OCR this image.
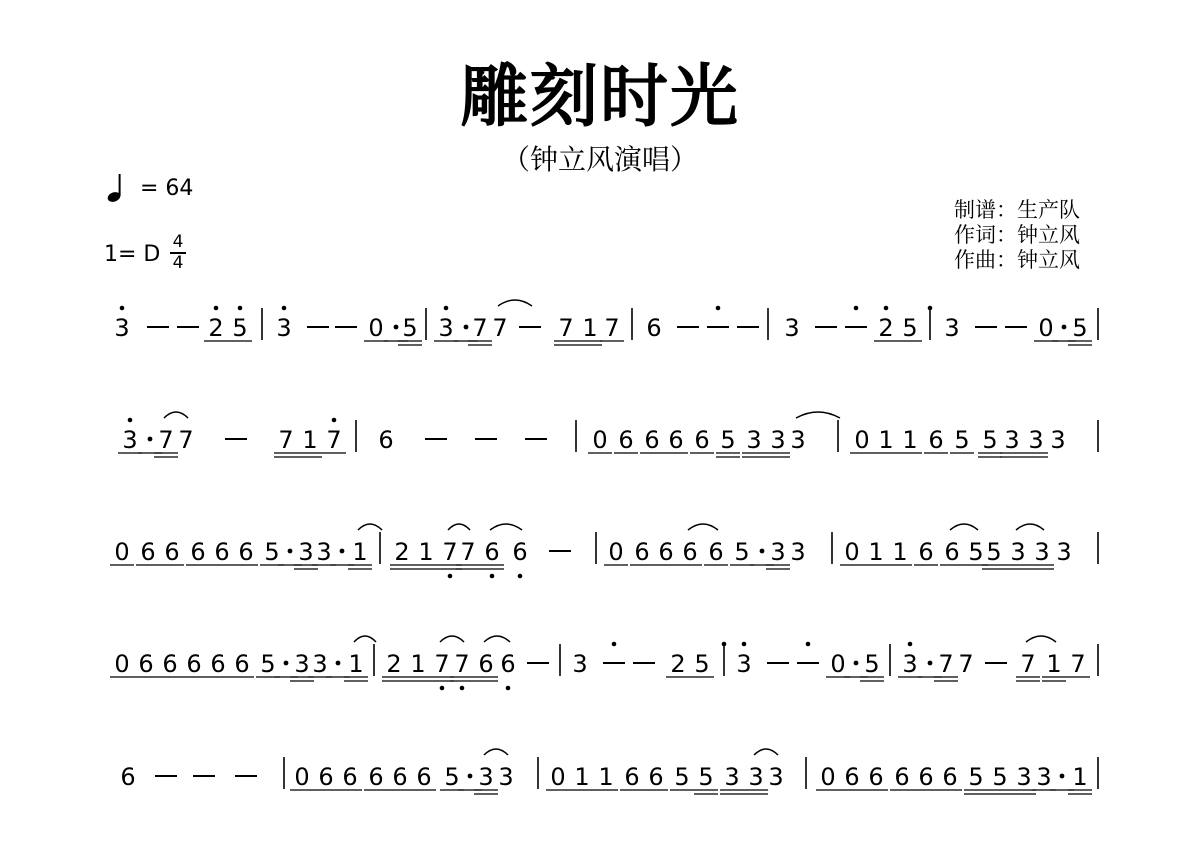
雕刻时光
（钟立风演唱）
= 64
1= D 4
4
制谱：生产队
作词：钟立风
作曲：钟立风
3	2 5 3	0 5 3 7 7 7 1 7 6	3	2 5 3	0 5
3 7 7	7 1 7 6	0 6 6 6 6 5 3 3 3 0 1 1 6 5 5 3 3 3
0 6 6 6 6 6 5 3 3 1 2 1 7 7 6 6	0 6 6 6 6 5 3 3 0 1 1 6 6 5 5 3 3 3
0 6 6 6 6 6 5 3 3 1 2 1 7 7 6 6 3	2 5 3	0 5 3 7 7 7 1 7
6	0 6 6 6 6 6 5 3 3 0 1 1 6 6 5 5 3 3 3 0 6 6 6 6 6 5 5 3 3 1
